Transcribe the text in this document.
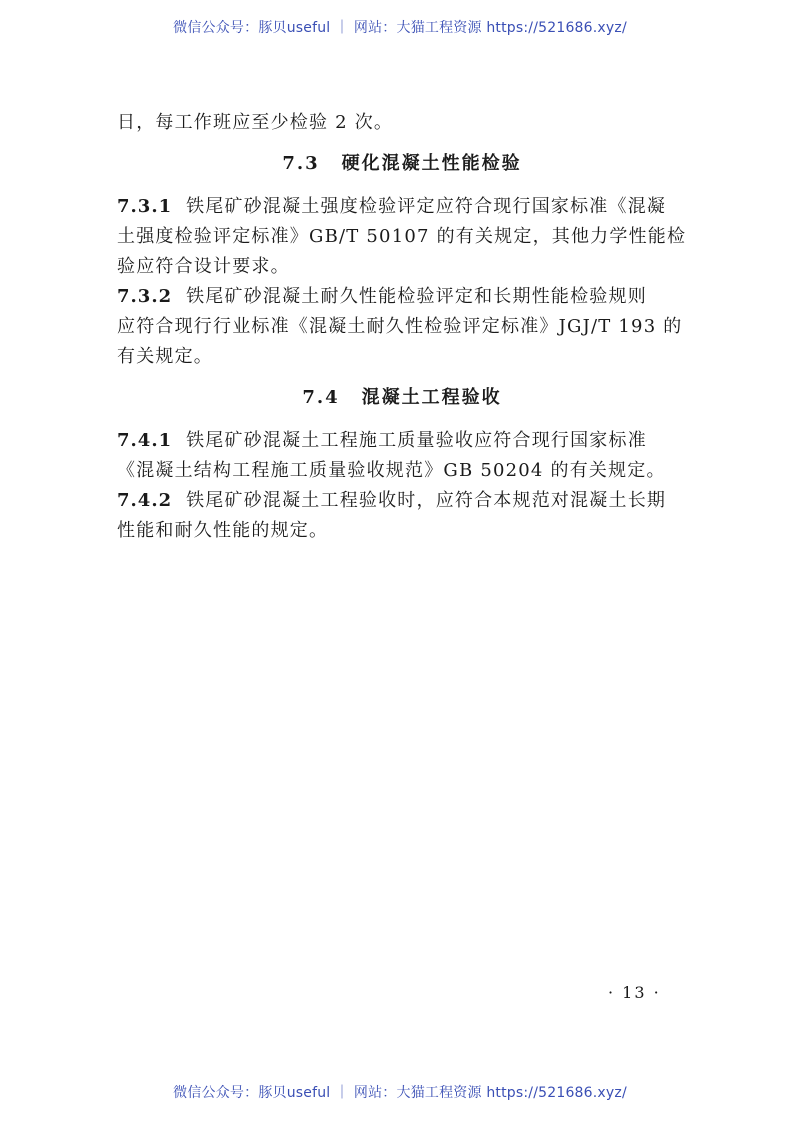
微信公众号：豚贝useful ｜ 网站：大猫工程资源 https://521686.xyz/

日，每工作班应至少检验 2 次。

7.3 硬化混凝土性能检验

7.3.1 铁尾矿砂混凝土强度检验评定应符合现行国家标准《混凝

土强度检验评定标准》GB/T 50107 的有关规定，其他力学性能检

验应符合设计要求。

7.3.2 铁尾矿砂混凝土耐久性能检验评定和长期性能检验规则

应符合现行行业标准《混凝土耐久性检验评定标准》JGJ/T 193 的

有关规定。

7.4 混凝土工程验收

7.4.1 铁尾矿砂混凝土工程施工质量验收应符合现行国家标准

《混凝土结构工程施工质量验收规范》GB 50204 的有关规定。

7.4.2 铁尾矿砂混凝土工程验收时，应符合本规范对混凝土长期

性能和耐久性能的规定。

· 13 ·
微信公众号：豚贝useful ｜ 网站：大猫工程资源 https://521686.xyz/
